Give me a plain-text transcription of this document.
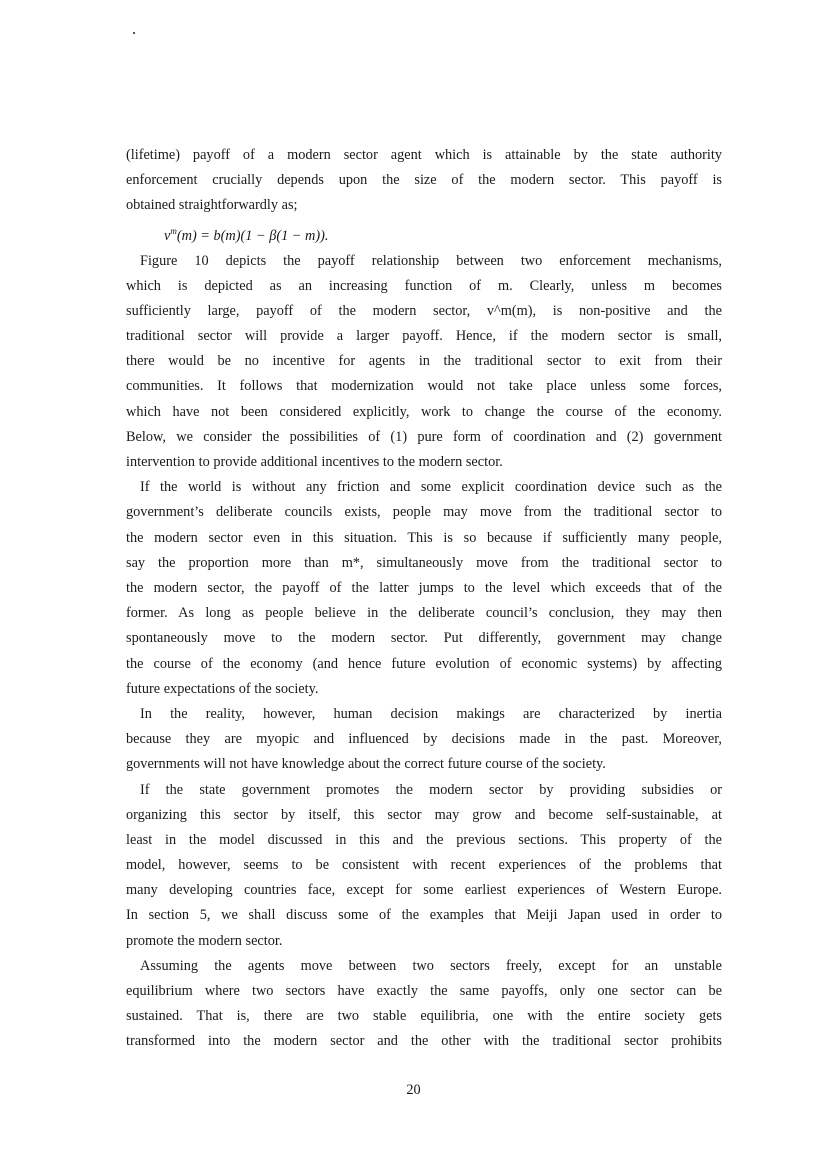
(lifetime) payoff of a modern sector agent which is attainable by the state authority
enforcement crucially depends upon the size of the modern sector. This payoff is
obtained straightforwardly as;
$v^m(m) = b(m)(1 - \beta(1 - m))$.
Figure 10 depicts the payoff relationship between two enforcement mechanisms,
which is depicted as an increasing function of m. Clearly, unless m becomes
sufficiently large, payoff of the modern sector, v^m(m), is non-positive and the
traditional sector will provide a larger payoff. Hence, if the modern sector is small,
there would be no incentive for agents in the traditional sector to exit from their
communities. It follows that modernization would not take place unless some forces,
which have not been considered explicitly, work to change the course of the economy.
Below, we consider the possibilities of (1) pure form of coordination and (2) government
intervention to provide additional incentives to the modern sector.
If the world is without any friction and some explicit coordination device such as the
government’s deliberate councils exists, people may move from the traditional sector to
the modern sector even in this situation. This is so because if sufficiently many people,
say the proportion more than m*, simultaneously move from the traditional sector to
the modern sector, the payoff of the latter jumps to the level which exceeds that of the
former. As long as people believe in the deliberate council’s conclusion, they may then
spontaneously move to the modern sector. Put differently, government may change
the course of the economy (and hence future evolution of economic systems) by affecting
future expectations of the society.
In the reality, however, human decision makings are characterized by inertia
because they are myopic and influenced by decisions made in the past. Moreover,
governments will not have knowledge about the correct future course of the society.
If the state government promotes the modern sector by providing subsidies or
organizing this sector by itself, this sector may grow and become self-sustainable, at
least in the model discussed in this and the previous sections. This property of the
model, however, seems to be consistent with recent experiences of the problems that
many developing countries face, except for some earliest experiences of Western Europe.
In section 5, we shall discuss some of the examples that Meiji Japan used in order to
promote the modern sector.
Assuming the agents move between two sectors freely, except for an unstable
equilibrium where two sectors have exactly the same payoffs, only one sector can be
sustained. That is, there are two stable equilibria, one with the entire society gets
transformed into the modern sector and the other with the traditional sector prohibits
20
